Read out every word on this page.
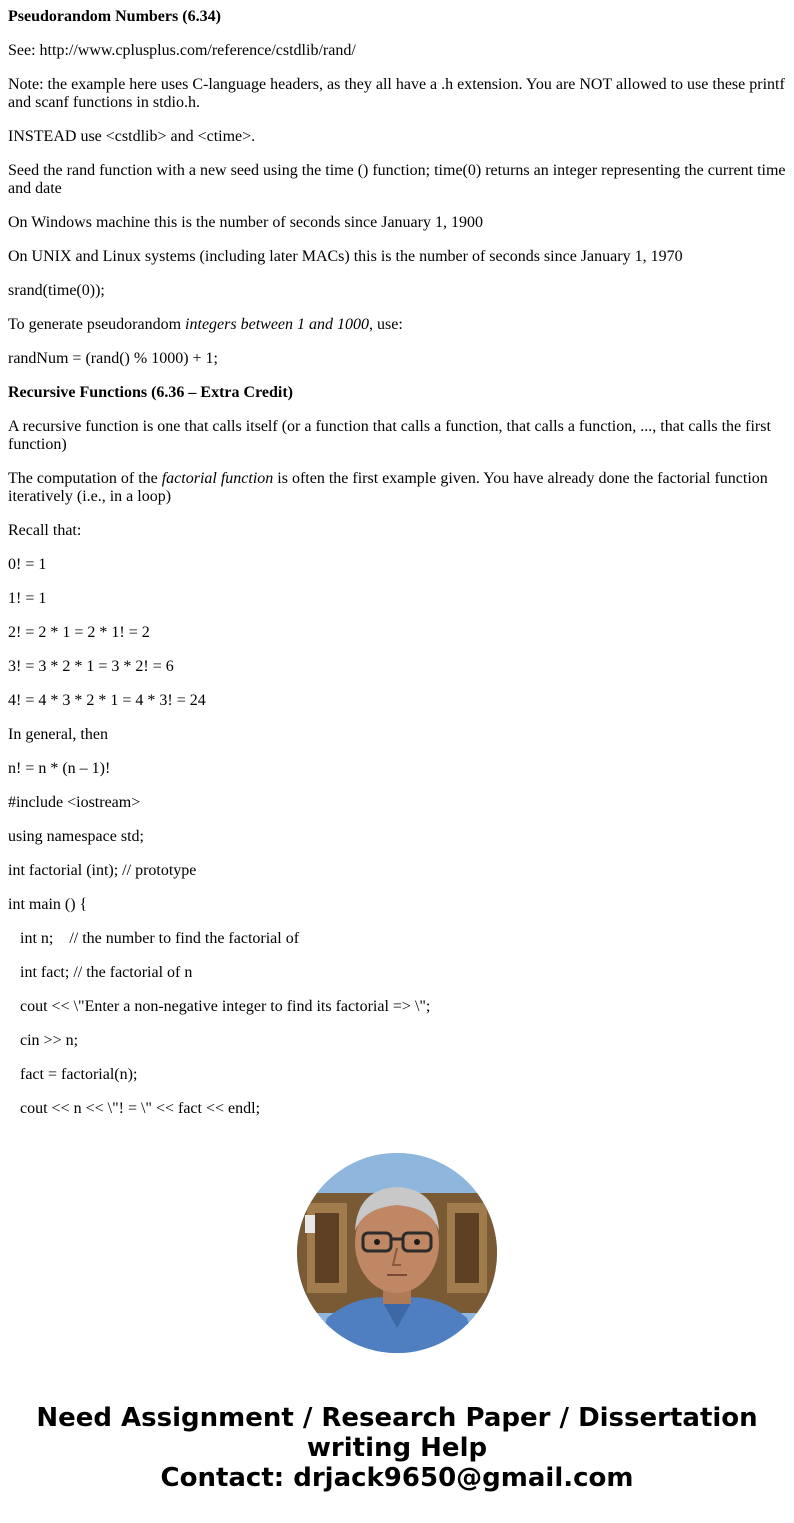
Pseudorandom Numbers (6.34)

See: http://www.cplusplus.com/reference/cstdlib/rand/

Note: the example here uses C-language headers, as they all have a .h extension. You are NOT allowed to use these printf and scanf functions in stdio.h.

INSTEAD use <cstdlib> and <ctime>.

Seed the rand function with a new seed using the time () function; time(0) returns an integer representing the current time and date

On Windows machine this is the number of seconds since January 1, 1900

On UNIX and Linux systems (including later MACs) this is the number of seconds since January 1, 1970

srand(time(0));

To generate pseudorandom integers between 1 and 1000, use:

randNum = (rand() % 1000) + 1;

Recursive Functions (6.36 – Extra Credit)

A recursive function is one that calls itself (or a function that calls a function, that calls a function, ..., that calls the first function)

The computation of the factorial function is often the first example given. You have already done the factorial function iteratively (i.e., in a loop)

Recall that:

0! = 1

1! = 1

2! = 2 * 1 = 2 * 1! = 2

3! = 3 * 2 * 1 = 3 * 2! = 6

4! = 4 * 3 * 2 * 1 = 4 * 3! = 24

In general, then

n! = n * (n – 1)!

#include <iostream>

using namespace std;

int factorial (int); // prototype

int main () {

int n;    // the number to find the factorial of

int fact; // the factorial of n

cout << \"Enter a non-negative integer to find its factorial => \";

cin >> n;

fact = factorial(n);

cout << n << \"! = \" << fact << endl;

Need Assignment / Research Paper / Dissertation
writing Help
Contact: drjack9650@gmail.com
